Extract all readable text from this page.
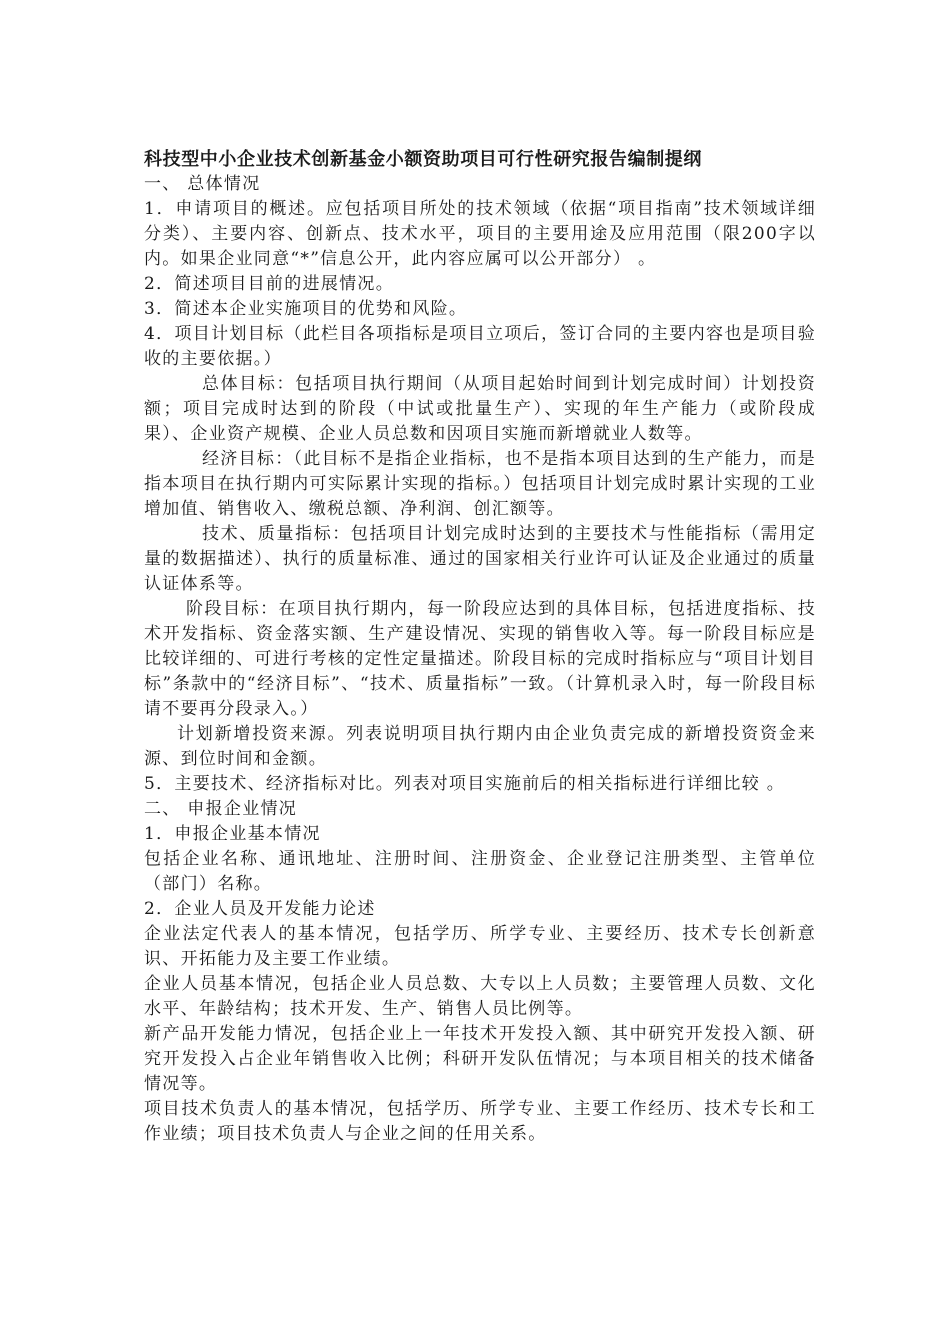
科技型中小企业技术创新基金小额资助项目可行性研究报告编制提纲

一、 总体情况

1．申请项目的概述。应包括项目所处的技术领域（依据“项目指南”技术领域详细分类）、主要内容、创新点、技术水平，项目的主要用途及应用范围（限200字以内。如果企业同意“*”信息公开，此内容应属可以公开部分） 。

2．简述项目目前的进展情况。

3．简述本企业实施项目的优势和风险。

4．项目计划目标（此栏目各项指标是项目立项后，签订合同的主要内容也是项目验收的主要依据。）

总体目标：包括项目执行期间（从项目起始时间到计划完成时间）计划投资额；项目完成时达到的阶段（中试或批量生产）、实现的年生产能力（或阶段成果）、企业资产规模、企业人员总数和因项目实施而新增就业人数等。

经济目标：（此目标不是指企业指标，也不是指本项目达到的生产能力，而是指本项目在执行期内可实际累计实现的指标。）包括项目计划完成时累计实现的工业增加值、销售收入、缴税总额、净利润、创汇额等。

技术、质量指标：包括项目计划完成时达到的主要技术与性能指标（需用定量的数据描述）、执行的质量标准、通过的国家相关行业许可认证及企业通过的质量认证体系等。

阶段目标：在项目执行期内，每一阶段应达到的具体目标，包括进度指标、技术开发指标、资金落实额、生产建设情况、实现的销售收入等。每一阶段目标应是比较详细的、可进行考核的定性定量描述。阶段目标的完成时指标应与“项目计划目标”条款中的“经济目标”、“技术、质量指标”一致。（计算机录入时，每一阶段目标请不要再分段录入。）

计划新增投资来源。列表说明项目执行期内由企业负责完成的新增投资资金来源、到位时间和金额。

5．主要技术、经济指标对比。列表对项目实施前后的相关指标进行详细比较 。

二、 申报企业情况

1．申报企业基本情况

包括企业名称、通讯地址、注册时间、注册资金、企业登记注册类型、主管单位（部门）名称。

2．企业人员及开发能力论述

企业法定代表人的基本情况，包括学历、所学专业、主要经历、技术专长创新意识、开拓能力及主要工作业绩。

企业人员基本情况，包括企业人员总数、大专以上人员数；主要管理人员数、文化水平、年龄结构；技术开发、生产、销售人员比例等。

新产品开发能力情况，包括企业上一年技术开发投入额、其中研究开发投入额、研究开发投入占企业年销售收入比例；科研开发队伍情况；与本项目相关的技术储备情况等。

项目技术负责人的基本情况，包括学历、所学专业、主要工作经历、技术专长和工作业绩；项目技术负责人与企业之间的任用关系。
